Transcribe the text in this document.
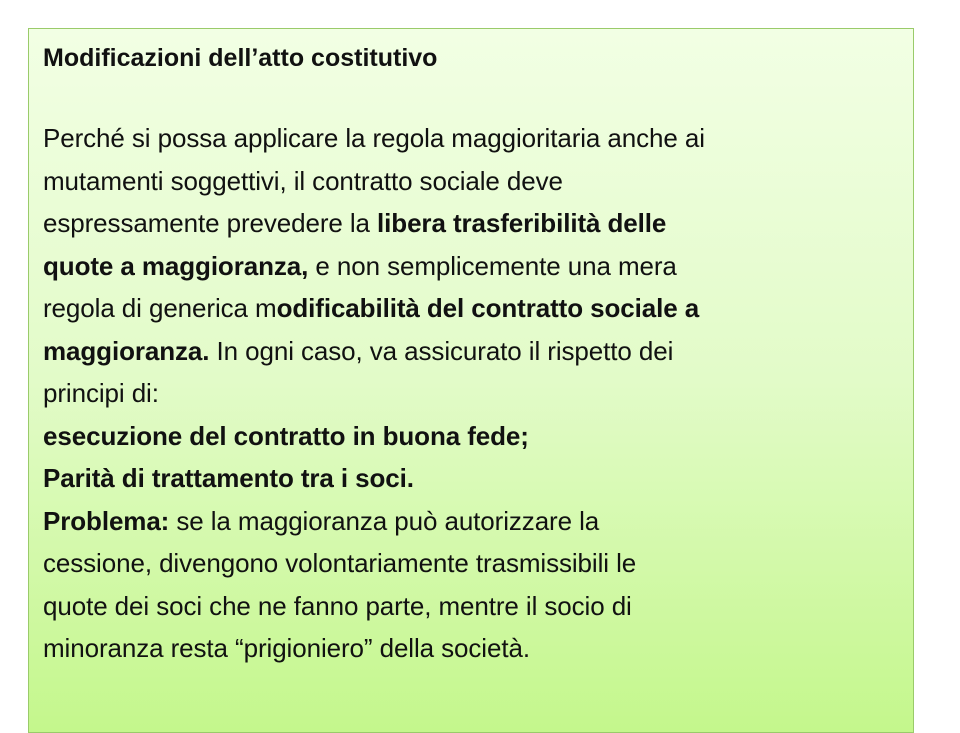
Modificazioni dell’atto costitutivo
Perché si possa applicare la regola maggioritaria anche ai
mutamenti soggettivi, il contratto sociale deve
espressamente prevedere la libera trasferibilità delle
quote a maggioranza, e non semplicemente una mera
regola di generica modificabilità del contratto sociale a
maggioranza. In ogni caso, va assicurato il rispetto dei
principi di:
esecuzione del contratto in buona fede;
Parità di trattamento tra i soci.
Problema: se la maggioranza può autorizzare la
cessione, divengono volontariamente trasmissibili le
quote dei soci che ne fanno parte, mentre il socio di
minoranza resta “prigioniero” della società.
